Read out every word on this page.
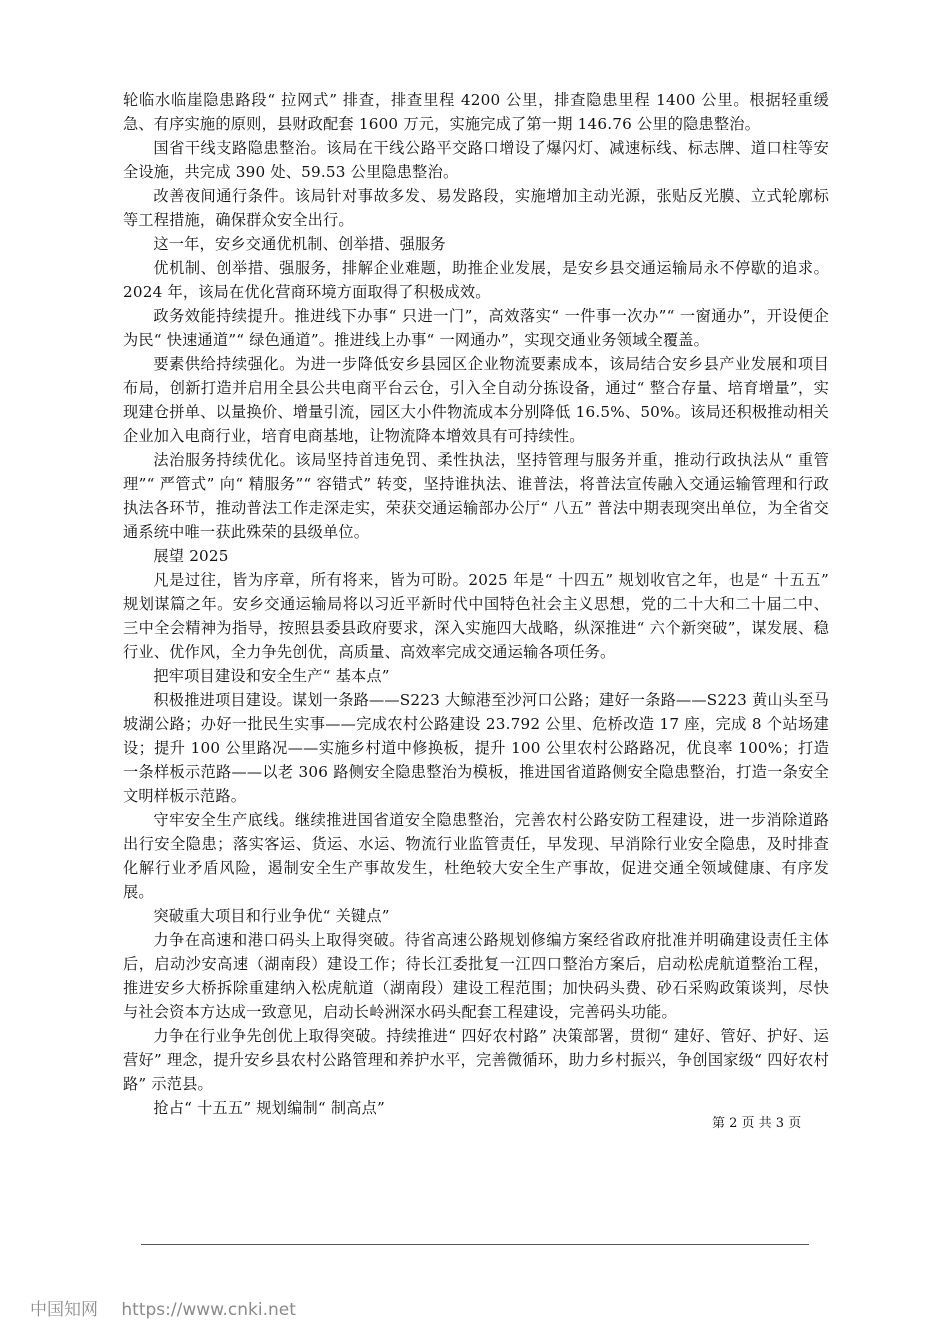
轮临水临崖隐患路段“ 拉网式” 排查，排查里程 4200 公里，排查隐患里程 1400 公里。根据轻重缓急、有序实施的原则，县财政配套 1600 万元，实施完成了第一期 146.76 公里的隐患整治。

国省干线支路隐患整治。该局在干线公路平交路口增设了爆闪灯、减速标线、标志牌、道口柱等安全设施，共完成 390 处、59.53 公里隐患整治。

改善夜间通行条件。该局针对事故多发、易发路段，实施增加主动光源，张贴反光膜、立式轮廓标等工程措施，确保群众安全出行。

这一年，安乡交通优机制、创举措、强服务

优机制、创举措、强服务，排解企业难题，助推企业发展，是安乡县交通运输局永不停歇的追求。2024 年，该局在优化营商环境方面取得了积极成效。

政务效能持续提升。推进线下办事“ 只进一门”，高效落实“ 一件事一次办”“ 一窗通办”，开设便企为民“ 快速通道”“ 绿色通道”。推进线上办事“ 一网通办”，实现交通业务领域全覆盖。

要素供给持续强化。为进一步降低安乡县园区企业物流要素成本，该局结合安乡县产业发展和项目布局，创新打造并启用全县公共电商平台云仓，引入全自动分拣设备，通过“ 整合存量、培育增量”，实现建仓拼单、以量换价、增量引流，园区大小件物流成本分别降低 16.5%、50%。该局还积极推动相关企业加入电商行业，培育电商基地，让物流降本增效具有可持续性。

法治服务持续优化。该局坚持首违免罚、柔性执法，坚持管理与服务并重，推动行政执法从“ 重管理”“ 严管式” 向“ 精服务”“ 容错式” 转变，坚持谁执法、谁普法，将普法宣传融入交通运输管理和行政执法各环节，推动普法工作走深走实，荣获交通运输部办公厅“ 八五” 普法中期表现突出单位，为全省交通系统中唯一获此殊荣的县级单位。

展望 2025

凡是过往，皆为序章，所有将来，皆为可盼。2025 年是“ 十四五” 规划收官之年，也是“ 十五五” 规划谋篇之年。安乡交通运输局将以习近平新时代中国特色社会主义思想，党的二十大和二十届二中、三中全会精神为指导，按照县委县政府要求，深入实施四大战略，纵深推进“ 六个新突破”，谋发展、稳行业、优作风，全力争先创优，高质量、高效率完成交通运输各项任务。

把牢项目建设和安全生产“ 基本点”

积极推进项目建设。谋划一条路——S223 大鲸港至沙河口公路；建好一条路——S223 黄山头至马坡湖公路；办好一批民生实事——完成农村公路建设 23.792 公里、危桥改造 17 座，完成 8 个站场建设；提升 100 公里路况——实施乡村道中修换板，提升 100 公里农村公路路况，优良率 100%；打造一条样板示范路——以老 306 路侧安全隐患整治为模板，推进国省道路侧安全隐患整治，打造一条安全文明样板示范路。

守牢安全生产底线。继续推进国省道安全隐患整治，完善农村公路安防工程建设，进一步消除道路出行安全隐患；落实客运、货运、水运、物流行业监管责任，早发现、早消除行业安全隐患，及时排查化解行业矛盾风险，遏制安全生产事故发生，杜绝较大安全生产事故，促进交通全领域健康、有序发展。

突破重大项目和行业争优“ 关键点”

力争在高速和港口码头上取得突破。待省高速公路规划修编方案经省政府批准并明确建设责任主体后，启动沙安高速（湖南段）建设工作；待长江委批复一江四口整治方案后，启动松虎航道整治工程，推进安乡大桥拆除重建纳入松虎航道（湖南段）建设工程范围；加快码头费、砂石采购政策谈判，尽快与社会资本方达成一致意见，启动长岭洲深水码头配套工程建设，完善码头功能。

力争在行业争先创优上取得突破。持续推进“ 四好农村路” 决策部署，贯彻“ 建好、管好、护好、运营好” 理念，提升安乡县农村公路管理和养护水平，完善微循环，助力乡村振兴，争创国家级“ 四好农村路” 示范县。

抢占“ 十五五” 规划编制“ 制高点”

第 2 页 共 3 页
中国知网 https://www.cnki.net
